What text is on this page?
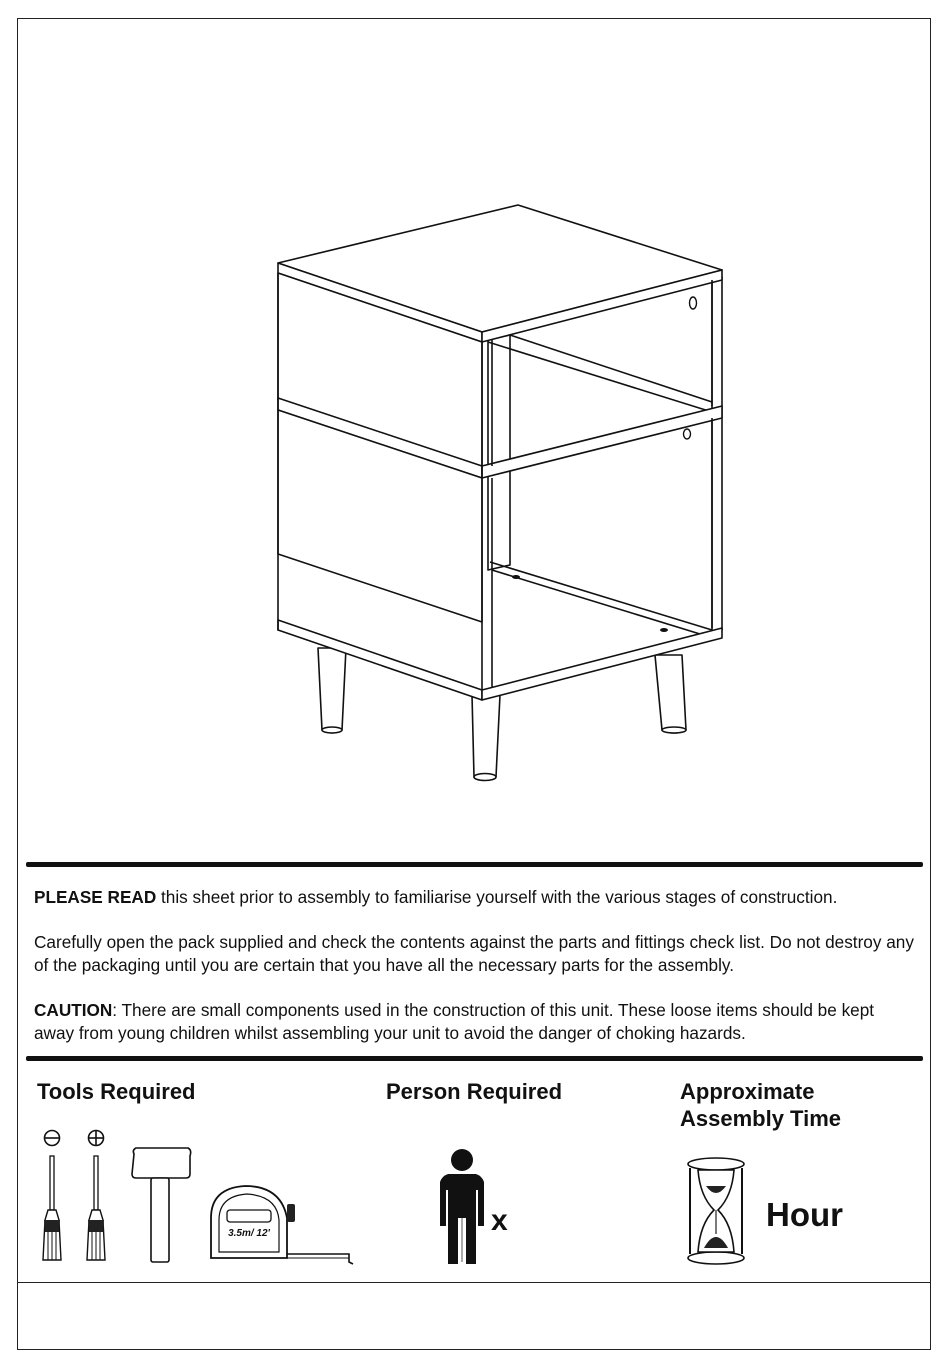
PLEASE READ this sheet prior to assembly to familiarise yourself with the various stages of construction.

Carefully open the pack supplied and check the contents against the parts and fittings check list. Do not destroy any of the packaging until you are certain that you have all the necessary parts for the assembly.

CAUTION: There are small components used in the construction of this unit. These loose items should be kept away from young children whilst assembling your unit to avoid the danger of choking hazards.

Tools Required	Person Required	Approximate
Assembly Time
3.5m/ 12'	x	Hour
